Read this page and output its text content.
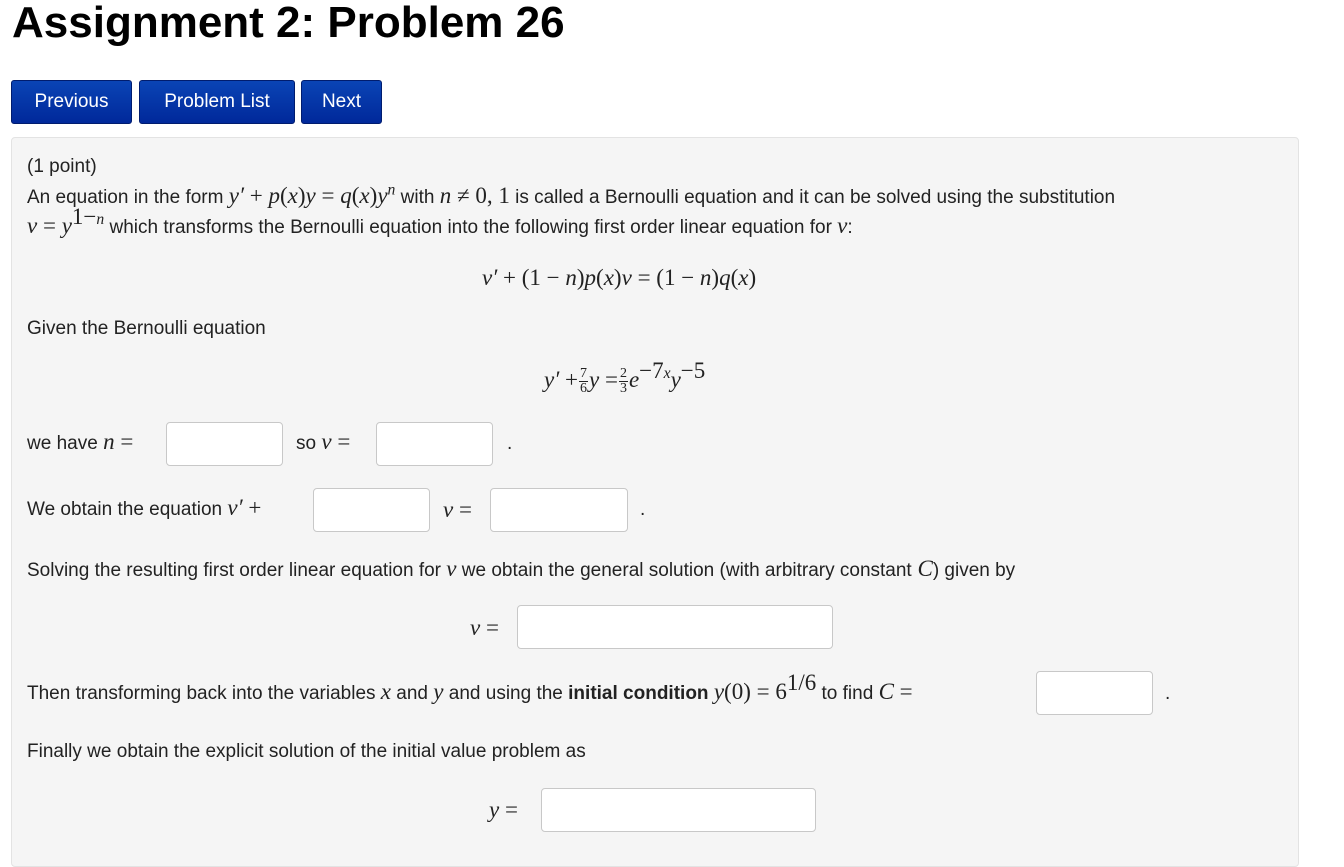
Assignment 2: Problem 26
Previous	Problem List	Next
(1 point)
An equation in the form $y' + p(x)y = q(x)y^n$ with n ≠ 0, 1 is called a Bernoulli equation and it can be solved using the substitution
$v = y^{1-n}$ which transforms the Bernoulli equation into the following first order linear equation for v:
v′ + (1 − n)p(x)v = (1 − n)q(x)
Given the Bernoulli equation
$y' + \frac{7}{6}$ $y = \frac{2}{3} e^{-7x}y^{-5}$
we have n =	so v =	.
We obtain the equation v′ +	v =	.
Solving the resulting first order linear equation for v we obtain the general solution (with arbitrary constant C) given by
v =
Then transforming back into the variables x and y and using the initial condition $y(0) = 6^{1/6}$ to find C =	.
Finally we obtain the explicit solution of the initial value problem as
y =
